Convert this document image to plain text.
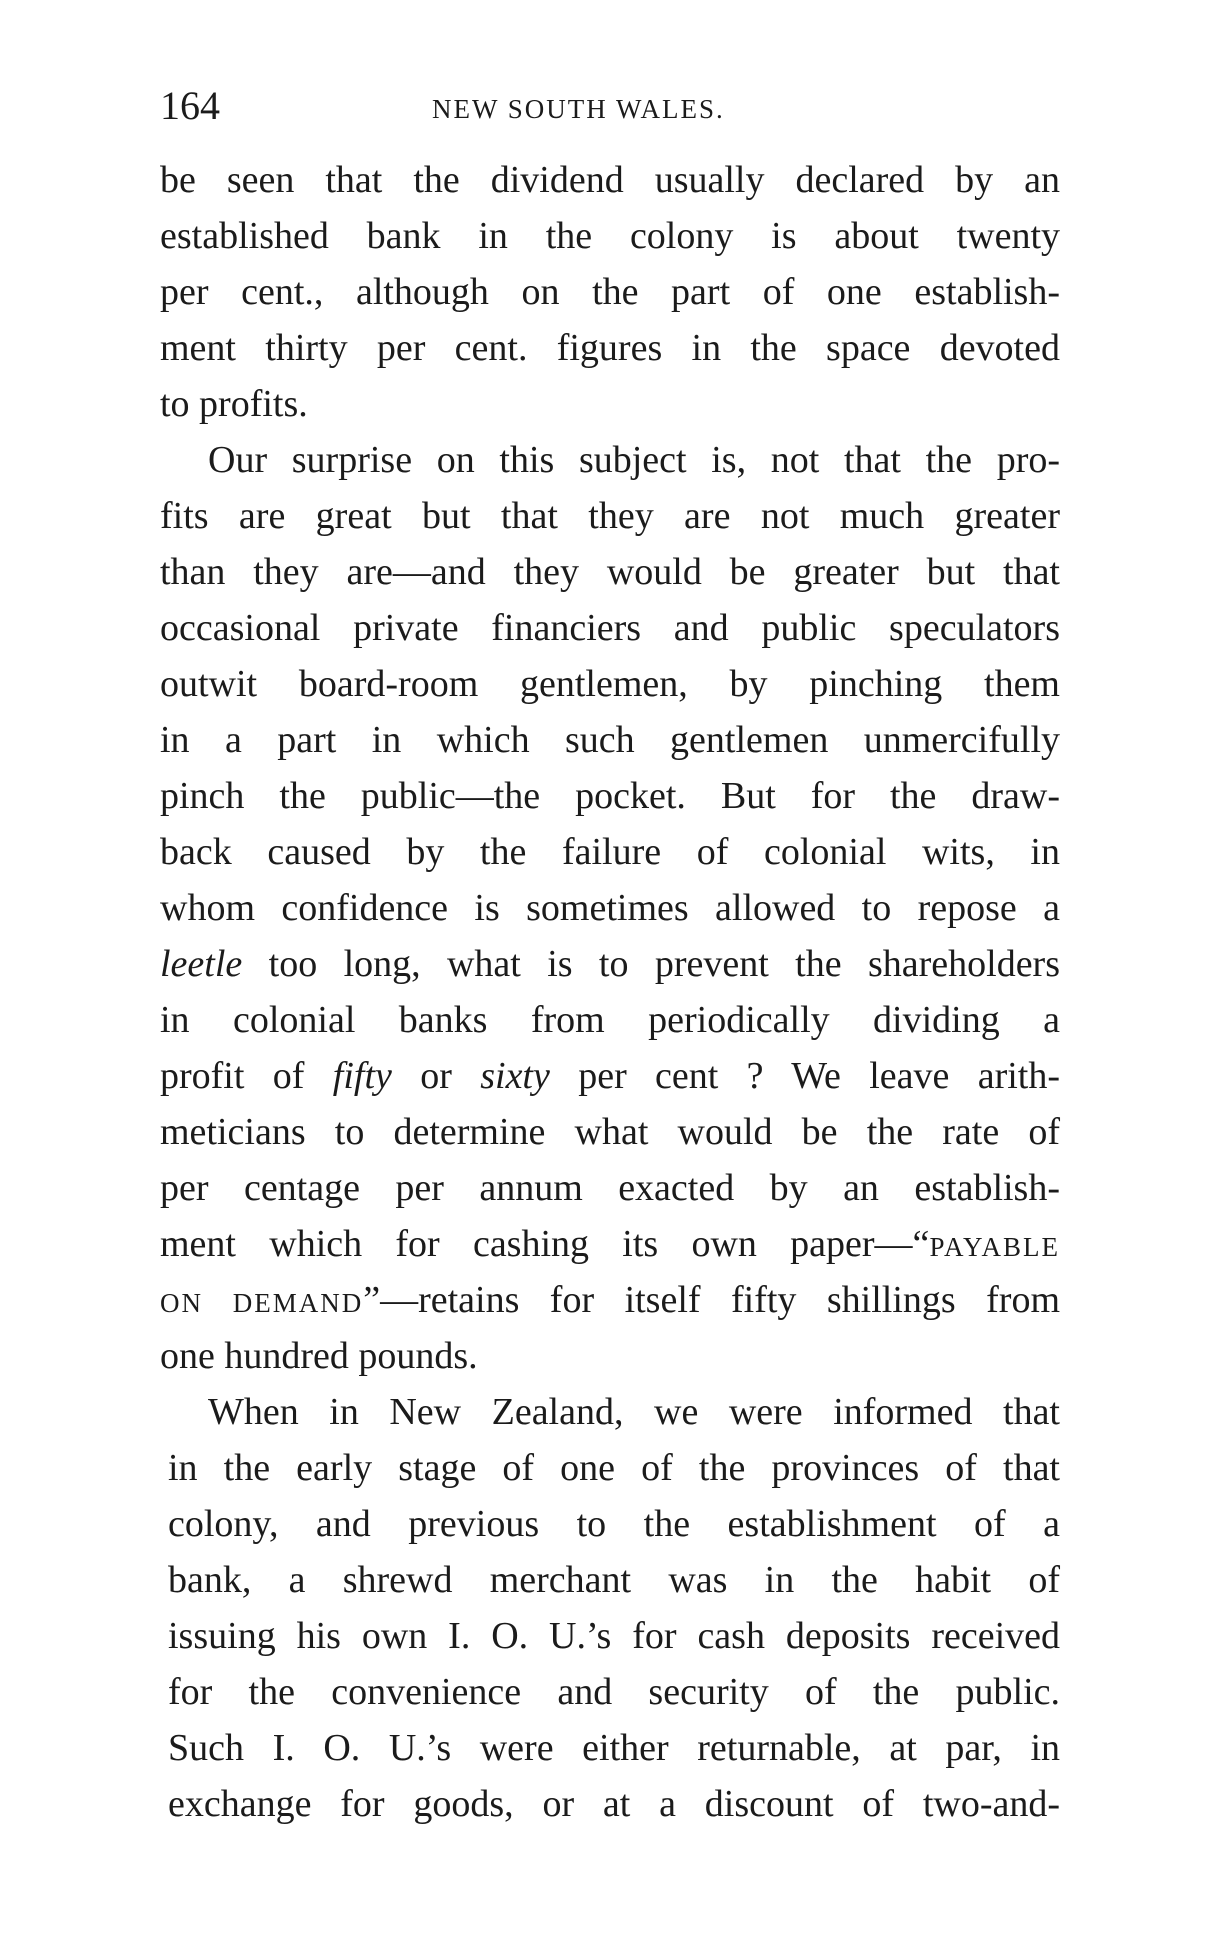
164	NEW SOUTH WALES.
be seen that the dividend usually declared by an
established bank in the colony is about twenty
per cent., although on the part of one establish-
ment thirty per cent. figures in the space devoted
to profits.
Our surprise on this subject is, not that the pro-
fits are great but that they are not much greater
than they are—and they would be greater but that
occasional private financiers and public speculators
outwit board-room gentlemen, by pinching them
in a part in which such gentlemen unmercifully
pinch the public—the pocket. But for the draw-
back caused by the failure of colonial wits, in
whom confidence is sometimes allowed to repose a
leetle too long, what is to prevent the shareholders
in colonial banks from periodically dividing a
profit of fifty or sixty per cent ? We leave arith-
meticians to determine what would be the rate of
per centage per annum exacted by an establish-
ment which for cashing its own paper—“PAYABLE
ON DEMAND”—retains for itself fifty shillings from
one hundred pounds.
When in New Zealand, we were informed that
in the early stage of one of the provinces of that
colony, and previous to the establishment of a
bank, a shrewd merchant was in the habit of
issuing his own I. O. U.’s for cash deposits received
for the convenience and security of the public.
Such I. O. U.’s were either returnable, at par, in
exchange for goods, or at a discount of two-and-
